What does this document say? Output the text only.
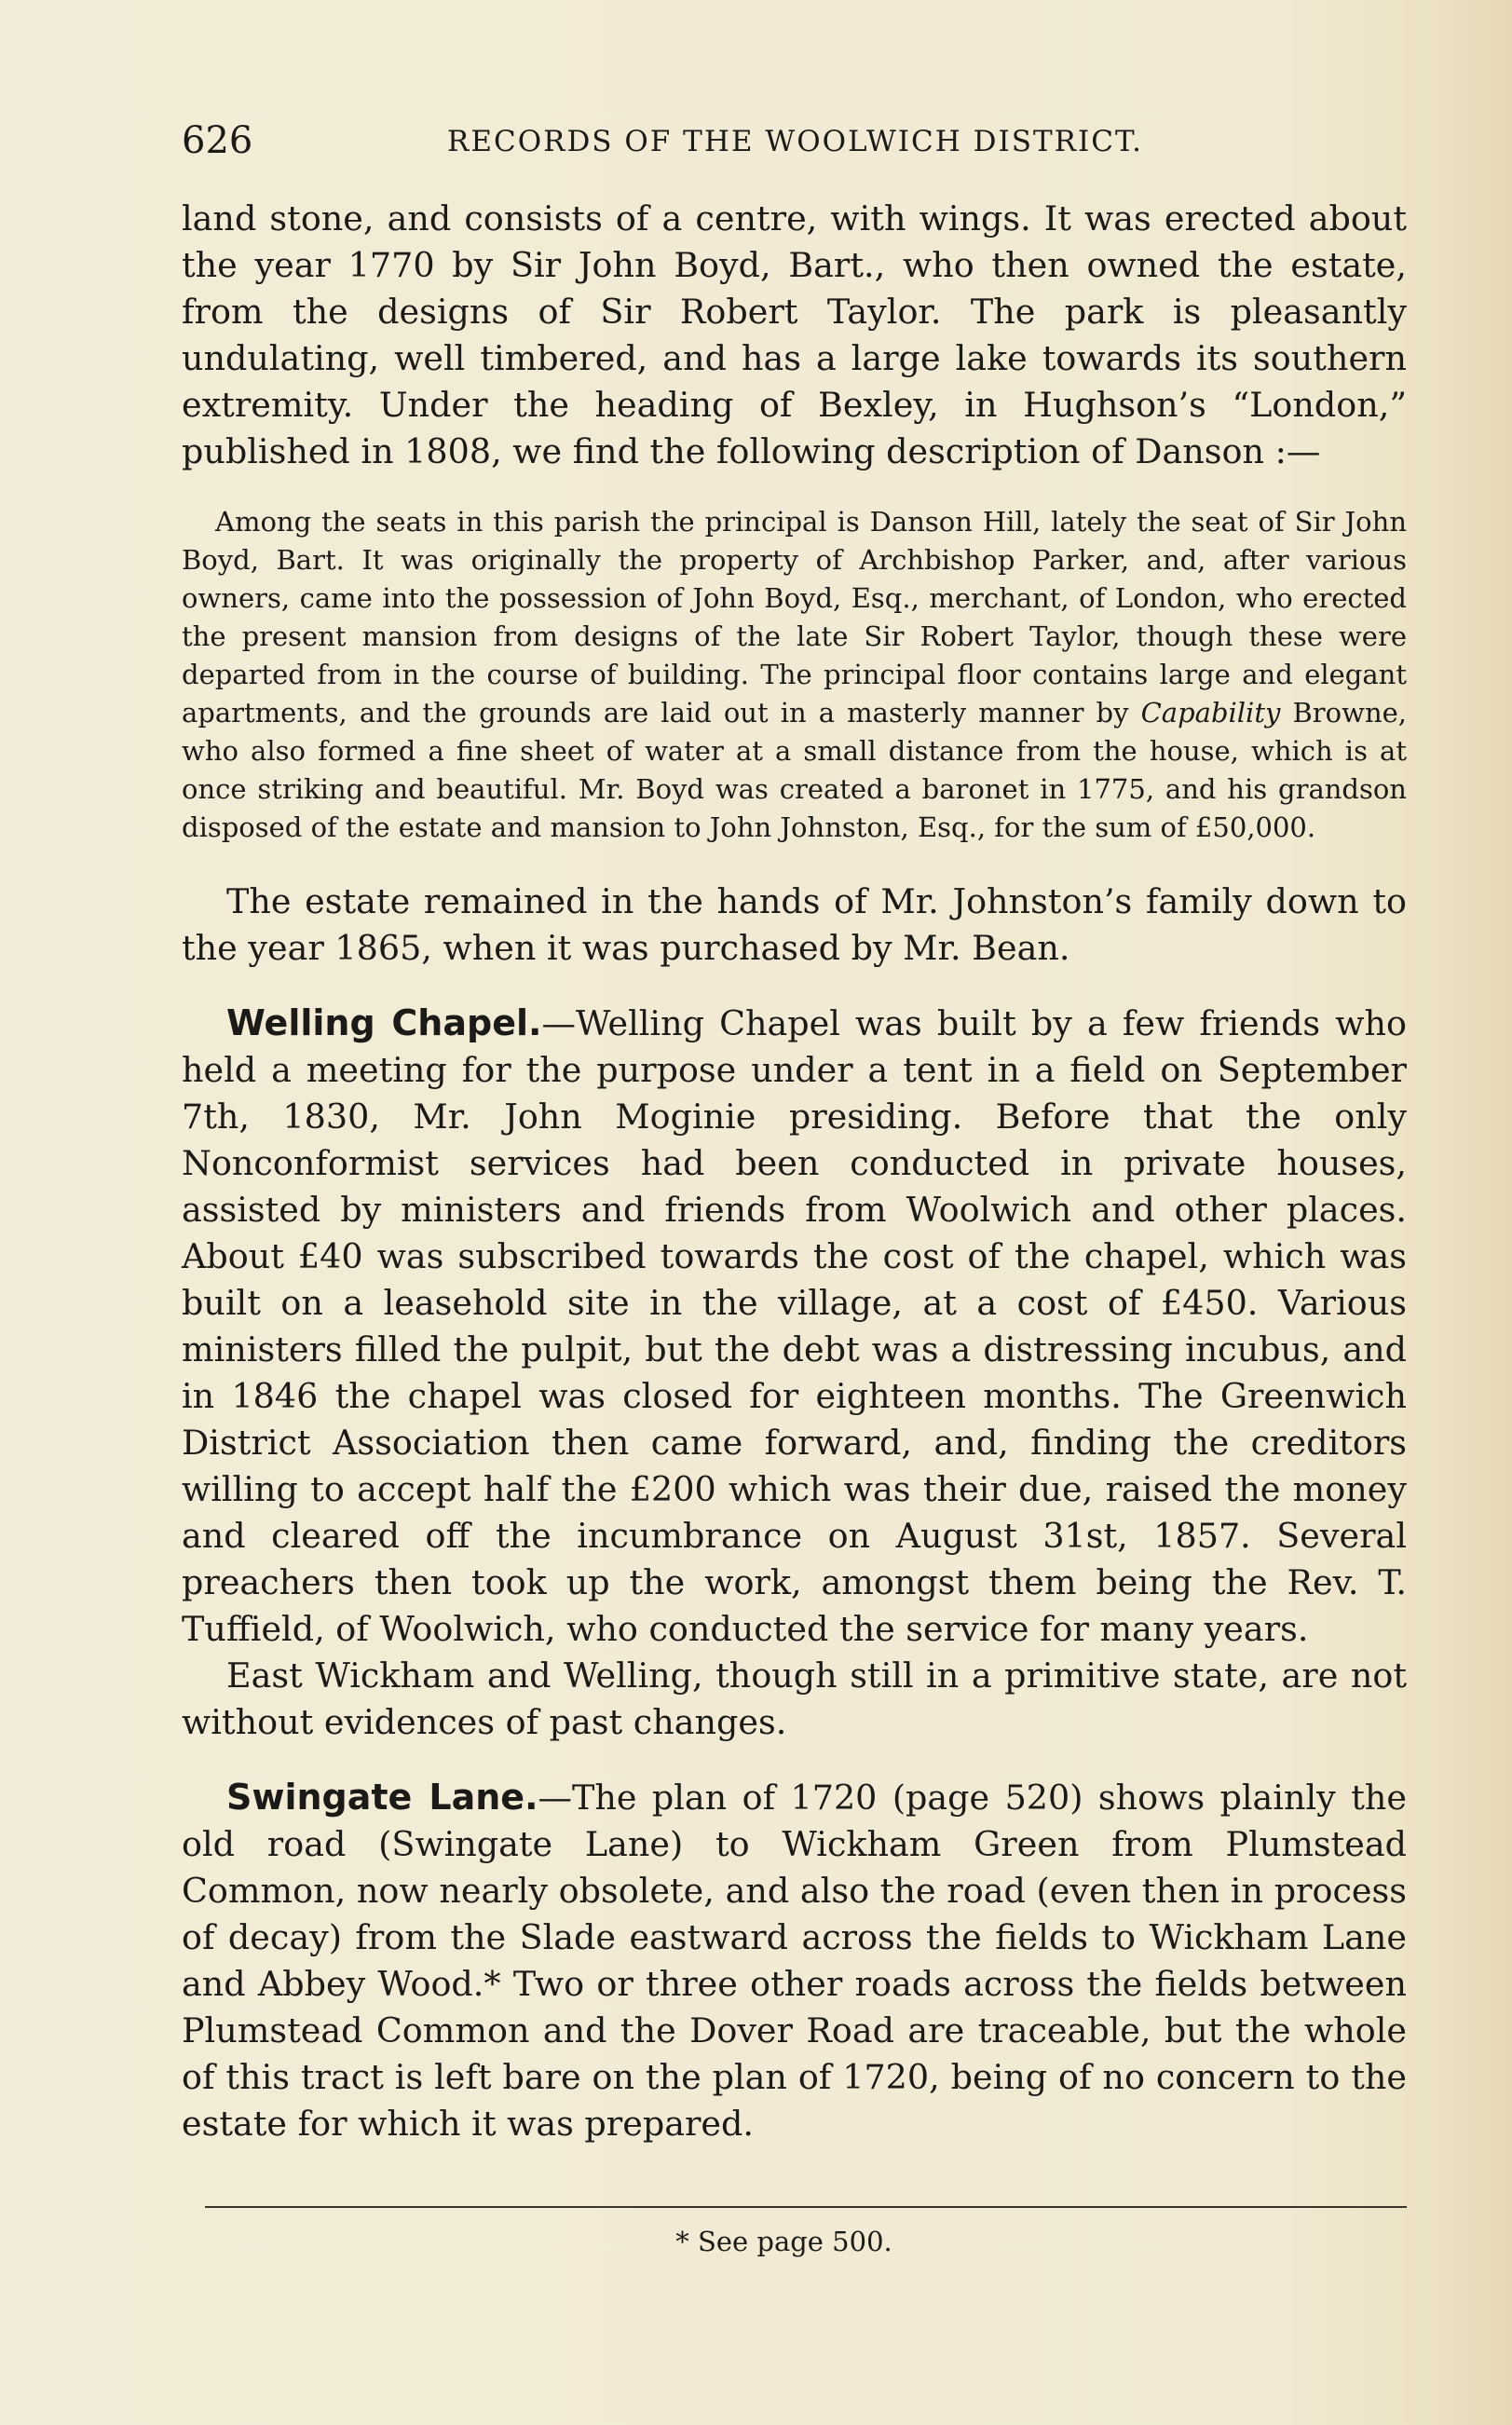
626	RECORDS OF THE WOOLWICH DISTRICT.

land stone, and consists of a centre, with wings. It was erected about the year 1770 by Sir John Boyd, Bart., who then owned the estate, from the designs of Sir Robert Taylor. The park is pleasantly undulating, well timbered, and has a large lake towards its southern extremity. Under the heading of Bexley, in Hughson’s “London,” published in 1808, we find the following description of Danson :—

Among the seats in this parish the principal is Danson Hill, lately the seat of Sir John Boyd, Bart. It was originally the property of Archbishop Parker, and, after various owners, came into the possession of John Boyd, Esq., merchant, of London, who erected the present mansion from designs of the late Sir Robert Taylor, though these were departed from in the course of building. The principal floor contains large and elegant apartments, and the grounds are laid out in a masterly manner by Capability Browne, who also formed a fine sheet of water at a small distance from the house, which is at once striking and beautiful. Mr. Boyd was created a baronet in 1775, and his grandson disposed of the estate and mansion to John Johnston, Esq., for the sum of £50,000.

The estate remained in the hands of Mr. Johnston’s family down to the year 1865, when it was purchased by Mr. Bean.

Welling Chapel.—Welling Chapel was built by a few friends who held a meeting for the purpose under a tent in a field on September 7th, 1830, Mr. John Moginie presiding. Before that the only Nonconformist services had been conducted in private houses, assisted by ministers and friends from Woolwich and other places. About £40 was subscribed towards the cost of the chapel, which was built on a leasehold site in the village, at a cost of £450. Various ministers filled the pulpit, but the debt was a distressing incubus, and in 1846 the chapel was closed for eighteen months. The Greenwich District Association then came forward, and, finding the creditors willing to accept half the £200 which was their due, raised the money and cleared off the incumbrance on August 31st, 1857. Several preachers then took up the work, amongst them being the Rev. T. Tuffield, of Woolwich, who conducted the service for many years.

East Wickham and Welling, though still in a primitive state, are not without evidences of past changes.

Swingate Lane.—The plan of 1720 (page 520) shows plainly the old road (Swingate Lane) to Wickham Green from Plumstead Common, now nearly obsolete, and also the road (even then in process of decay) from the Slade eastward across the fields to Wickham Lane and Abbey Wood.* Two or three other roads across the fields between Plumstead Common and the Dover Road are traceable, but the whole of this tract is left bare on the plan of 1720, being of no concern to the estate for which it was prepared.

* See page 500.
